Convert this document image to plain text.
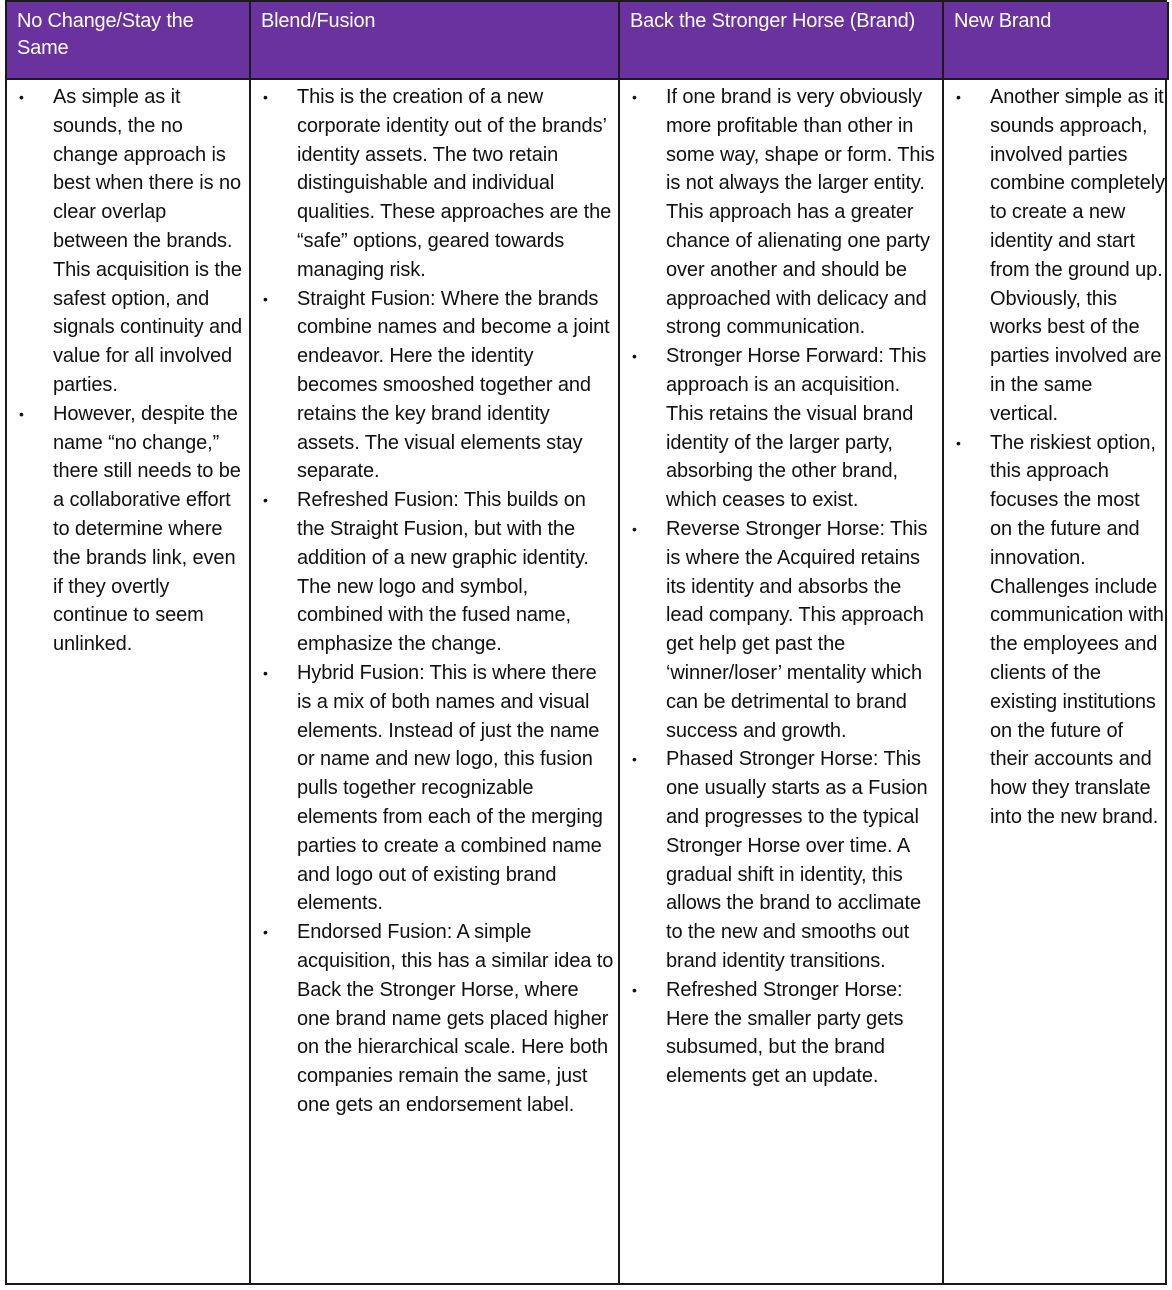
No Change/Stay the Same
Blend/Fusion	Back the Stronger Horse (Brand)	New Brand
• As simple as it sounds, the no change approach is best when there is no clear overlap between the brands. This acquisition is the safest option, and signals continuity and value for all involved parties.
• However, despite the name “no change,” there still needs to be a collaborative effort to determine where the brands link, even if they overtly continue to seem unlinked.
• This is the creation of a new corporate identity out of the brands’ identity assets. The two retain distinguishable and individual qualities. These approaches are the “safe” options, geared towards managing risk.
• Straight Fusion: Where the brands combine names and become a joint endeavor. Here the identity becomes smooshed together and retains the key brand identity assets. The visual elements stay separate.
• Refreshed Fusion: This builds on the Straight Fusion, but with the addition of a new graphic identity. The new logo and symbol, combined with the fused name, emphasize the change.
• Hybrid Fusion: This is where there is a mix of both names and visual elements. Instead of just the name or name and new logo, this fusion pulls together recognizable elements from each of the merging parties to create a combined name and logo out of existing brand elements.
• Endorsed Fusion: A simple acquisition, this has a similar idea to Back the Stronger Horse, where one brand name gets placed higher on the hierarchical scale. Here both companies remain the same, just one gets an endorsement label.
• If one brand is very obviously more profitable than other in some way, shape or form. This is not always the larger entity. This approach has a greater chance of alienating one party over another and should be approached with delicacy and strong communication.
• Stronger Horse Forward: This approach is an acquisition. This retains the visual brand identity of the larger party, absorbing the other brand, which ceases to exist.
• Reverse Stronger Horse: This is where the Acquired retains its identity and absorbs the lead company. This approach get help get past the ‘winner/loser’ mentality which can be detrimental to brand success and growth.
• Phased Stronger Horse: This one usually starts as a Fusion and progresses to the typical Stronger Horse over time. A gradual shift in identity, this allows the brand to acclimate to the new and smooths out brand identity transitions.
• Refreshed Stronger Horse: Here the smaller party gets subsumed, but the brand elements get an update.
• Another simple as it sounds approach, involved parties combine completely to create a new identity and start from the ground up. Obviously, this works best of the parties involved are in the same vertical.
• The riskiest option, this approach focuses the most on the future and innovation. Challenges include communication with the employees and clients of the existing institutions on the future of their accounts and how they translate into the new brand.
